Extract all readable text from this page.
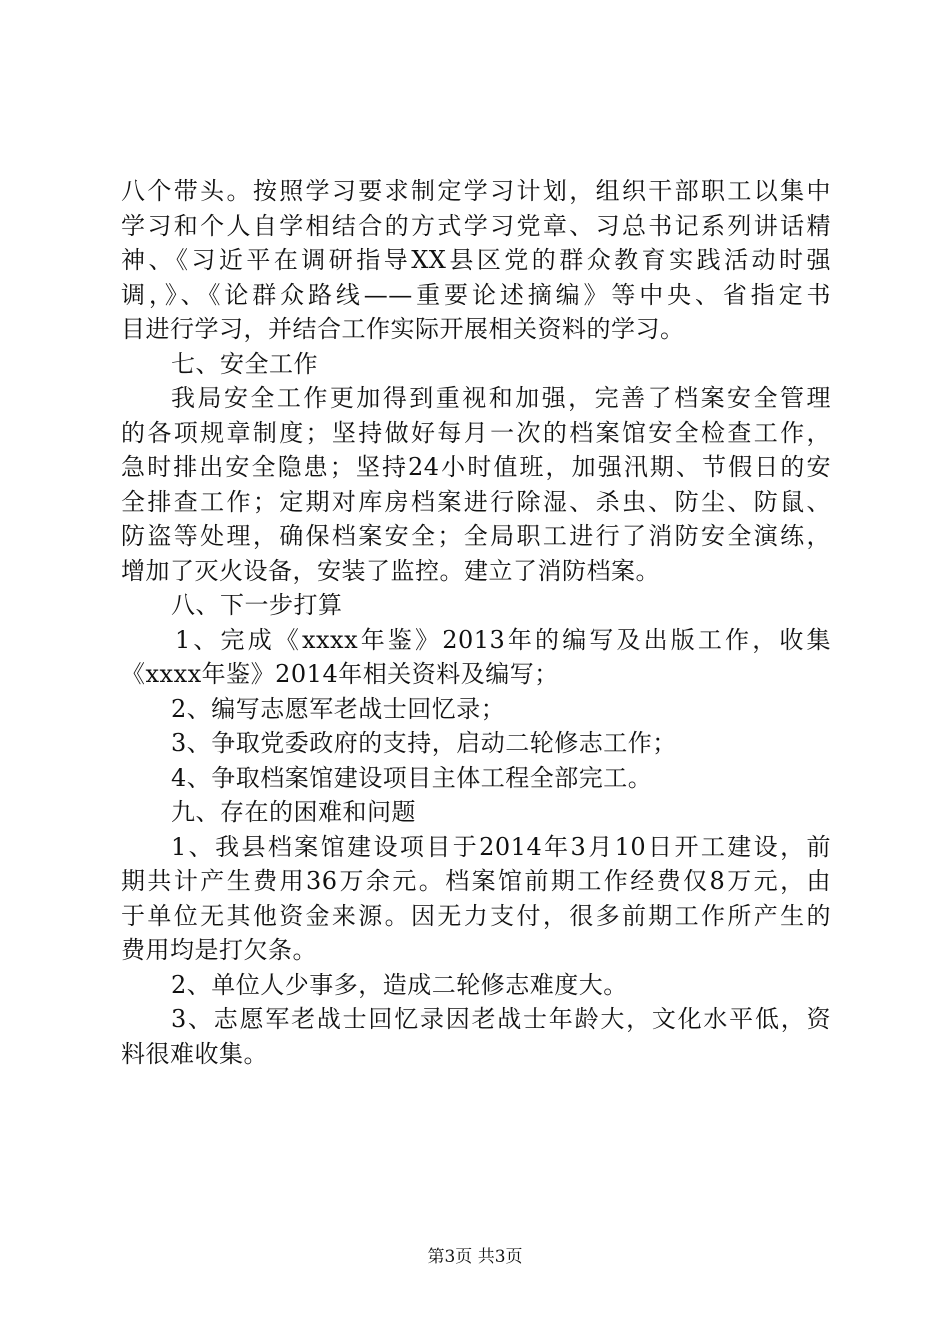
八个带头。按照学习要求制定学习计划，组织干部职工以集中
学习和个人自学相结合的方式学习党章、习总书记系列讲话精
神、《习近平在调研指导XX县区党的群众教育实践活动时强
调，》、《论群众路线——重要论述摘编》等中央、省指定书
目进行学习，并结合工作实际开展相关资料的学习。
七、安全工作
我局安全工作更加得到重视和加强，完善了档案安全管理
的各项规章制度；坚持做好每月一次的档案馆安全检查工作，
急时排出安全隐患；坚持24小时值班，加强汛期、节假日的安
全排查工作；定期对库房档案进行除湿、杀虫、防尘、防鼠、
防盗等处理，确保档案安全；全局职工进行了消防安全演练，
增加了灭火设备，安装了监控。建立了消防档案。
八、下一步打算
1、完成《xxxx年鉴》2013年的编写及出版工作，收集
《xxxx年鉴》2014年相关资料及编写；
2、编写志愿军老战士回忆录；
3、争取党委政府的支持，启动二轮修志工作；
4、争取档案馆建设项目主体工程全部完工。
九、存在的困难和问题
1、我县档案馆建设项目于2014年3月10日开工建设，前
期共计产生费用36万余元。档案馆前期工作经费仅8万元，由
于单位无其他资金来源。因无力支付，很多前期工作所产生的
费用均是打欠条。
2、单位人少事多，造成二轮修志难度大。
3、志愿军老战士回忆录因老战士年龄大，文化水平低，资
料很难收集。
第3页 共3页
